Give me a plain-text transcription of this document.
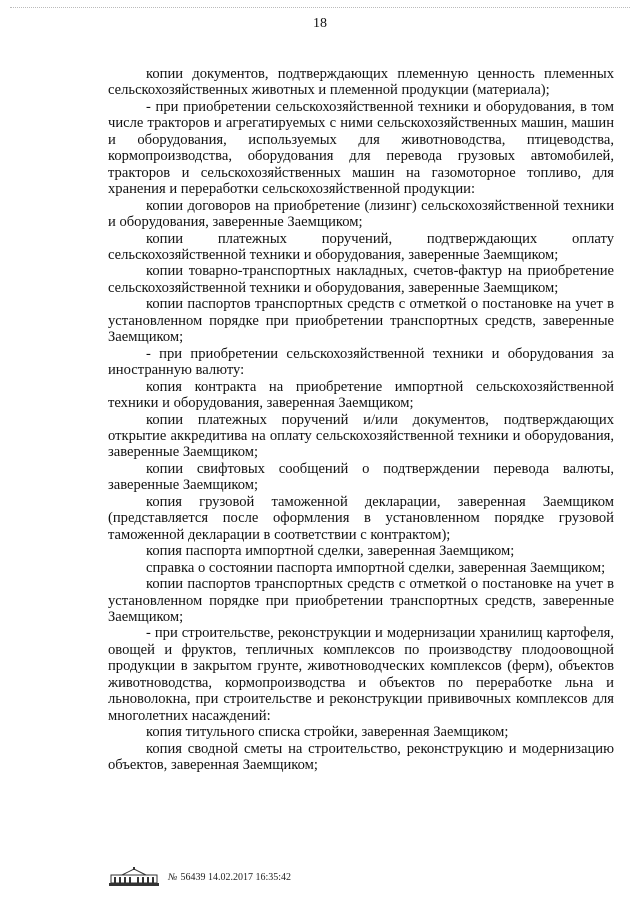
18

копии документов, подтверждающих племенную ценность племенных сельскохозяйственных животных и племенной продукции (материала);

- при приобретении сельскохозяйственной техники и оборудования, в том числе тракторов и агрегатируемых с ними сельскохозяйственных машин, машин и оборудования, используемых для животноводства, птицеводства, кормопроизводства, оборудования для перевода грузовых автомобилей, тракторов и сельскохозяйственных машин на газомоторное топливо, для хранения и переработки сельскохозяйственной продукции:

копии договоров на приобретение (лизинг) сельскохозяйственной техники и оборудования, заверенные Заемщиком;

копии платежных поручений, подтверждающих оплату сельскохозяйственной техники и оборудования, заверенные Заемщиком;

копии товарно-транспортных накладных, счетов-фактур на приобретение сельскохозяйственной техники и оборудования, заверенные Заемщиком;

копии паспортов транспортных средств с отметкой о постановке на учет в установленном порядке при приобретении транспортных средств, заверенные Заемщиком;

- при приобретении сельскохозяйственной техники и оборудования за иностранную валюту:

копия контракта на приобретение импортной сельскохозяйственной техники и оборудования, заверенная Заемщиком;

копии платежных поручений и/или документов, подтверждающих открытие аккредитива на оплату сельскохозяйственной техники и оборудования, заверенные Заемщиком;

копии свифтовых сообщений о подтверждении перевода валюты, заверенные Заемщиком;

копия грузовой таможенной декларации, заверенная Заемщиком (представляется после оформления в установленном порядке грузовой таможенной декларации в соответствии с контрактом);

копия паспорта импортной сделки, заверенная Заемщиком;

справка о состоянии паспорта импортной сделки, заверенная Заемщиком;

копии паспортов транспортных средств с отметкой о постановке на учет в установленном порядке при приобретении транспортных средств, заверенные Заемщиком;

- при строительстве, реконструкции и модернизации хранилищ картофеля, овощей и фруктов, тепличных комплексов по производству плодоовощной продукции в закрытом грунте, животноводческих комплексов (ферм), объектов животноводства, кормопроизводства и объектов по переработке льна и льноволокна, при строительстве и реконструкции прививочных комплексов для многолетних насаждений:

копия титульного списка стройки, заверенная Заемщиком;

копия сводной сметы на строительство, реконструкцию и модернизацию объектов, заверенная Заемщиком;

№ 56439 14.02.2017 16:35:42
